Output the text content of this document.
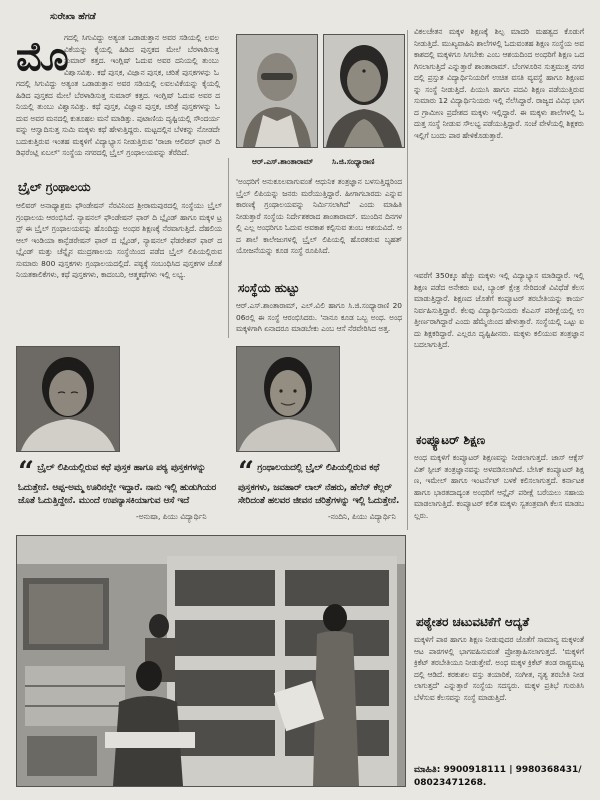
ಸುರೇಖಾ ಹೆಗಡೆ
ಮೊ
ಗದಲ್ಲಿ ಸಿಗುವಿದ್ದು ಅತ್ಯಂತ ಒಡಾಡುತ್ತಾನ ಅವರ ಸಡಿಯಲ್ಲಿ ಲವಲವಿಕೆಯನ್ನು ಕೈಯಲ್ಲಿ ಹಿಡಿದ ಪುಸ್ತಕದ ಮೇಲೆ ಬೆರಳಾಡಿಸುತ್ತ ಸುಮಾರ್ ಕತ್ತದ. ಇಂಗ್ಲಿಷ್ ಓದುವ ಅವರ ದನಿಯಲ್ಲಿ ತುಂಬು ವಿಶ್ವಾಸವಿತ್ತು. ಕಥೆ ಪುಸ್ತಕ, ವಿಜ್ಞಾನ ಪುಸ್ತಕ, ಚರಿತ್ರೆ ಪುಸ್ತಕಗಳನ್ನು ಓ
ಗದಲ್ಲಿ ಸಿಗುವಿದ್ದು ಅತ್ಯಂತ ಒಡಾಡುತ್ತಾನ ಅವರ ಸಡಿಯಲ್ಲಿ ಲವಲವಿಕೆಯನ್ನು ಕೈಯಲ್ಲಿ ಹಿಡಿದ ಪುಸ್ತಕದ ಮೇಲೆ ಬೆರಳಾಡಿಸುತ್ತ ಸುಮಾರ್ ಕತ್ತದ. ಇಂಗ್ಲಿಷ್ ಓದುವ ಅವರ ದನಿಯಲ್ಲಿ ತುಂಬು ವಿಶ್ವಾಸವಿತ್ತು. ಕಥೆ ಪುಸ್ತಕ, ವಿಜ್ಞಾನ ಪುಸ್ತಕ, ಚರಿತ್ರೆ ಪುಸ್ತಕಗಳನ್ನು ಓದುವ ಅವರ ಮನದಲ್ಲಿ ಕುತೂಹಲ ಮನೆ ಮಾಡಿತ್ತು. ಪುಟಾಣಿಯ ದೃಷ್ಟಿಯಲ್ಲಿ ಸೌಂದರ್ಯವನ್ನು ಆಸ್ವಾದಿಸುತ್ತ ಸುಮಿ ಮಕ್ಕಳು ಕಥೆ ಹೇಳುತ್ತಿದ್ದರು. ಮಟ್ಟದಲ್ಲಿನ ಬೆಳಕನ್ನು ನೋಡದೇ ಬದುಕುತ್ತಿರುವ ಇಂತಹ ಮಕ್ಕಳಿಗೆ ವಿದ್ಯಾಭ್ಯಾಸ ನೀಡುತ್ತಿರುವ 'ರಾಜಾ ಆಲಿವರ್ ಫಾರ್ ದಿ ಡಿಫರೆಂಟ್ಲಿ ಏಬಲ್' ಸಂಸ್ಥೆಯ ನಗರದಲ್ಲಿ ಬ್ರೈಲ್ ಗ್ರಂಥಾಲಯವನ್ನು ತೆರೆದಿದೆ.
ಬ್ರೈಲ್ ಗ್ರಂಥಾಲಯ
ಆಲಿವರ್ ಅನಾಥ್ಯಾಶ್ರಮ ಫೌಂಡೇಷನ್ ನೆರವಿನಿಂದ ಶ್ರೀರಾಮಪುರದಲ್ಲಿ ಸಂಸ್ಥೆಯು ಬ್ರೈಲ್ ಗ್ರಂಥಾಲಯ ಆರಂಭಿಸಿದೆ. ನ್ಯಾಷನಲ್ ಫೌಂಡೇಷನ್ ಫಾರ್ ದಿ ಬ್ಲೈಂಡ್ ಹಾಗೂ ಮಕ್ಕಳ ಟ್ರಸ್ಟ್ ಈ ಬ್ರೈಲ್ ಗ್ರಂಥಾಲಯವನ್ನು ಹೊಂದಿದ್ದು ಅಂಧರ ಶಿಕ್ಷಣಕ್ಕೆ ನೆರವಾಗುತ್ತಿದೆ. ದೆಹಲಿಯ ಆಲ್ ಇಂಡಿಯಾ ಕಾನ್ಫೆಡರೇಷನ್ ಫಾರ್ ದ ಬ್ಲೈಂಡ್, ನ್ಯಾಷನಲ್ ಫೆಡರೇಶನ್ ಫಾರ್ ದ ಬ್ಲೈಂಡ್ ಮತ್ತು ಚೆನ್ನೈನ ಮುದ್ರಣಾಲಯ ಸಂಸ್ಥೆಯಿಂದ ಪಡೆದ ಬ್ರೈಲ್ ಲಿಪಿಯಲ್ಲಿರುವ ಸುಮಾರು 800 ಪುಸ್ತಕಗಳು ಗ್ರಂಥಾಲಯದಲ್ಲಿದೆ. ಪಠ್ಯಕ್ಕೆ ಸಂಬಂಧಿಸಿದ ಪುಸ್ತಕಗಳ ಜೊತೆ ನಿಯತಕಾಲಿಕೆಗಳು, ಕಥೆ ಪುಸ್ತಕಗಳು, ಕಾದಂಬರಿ, ಆತ್ಮಕಥೆಗಳು ಇಲ್ಲಿ ಲಭ್ಯ.
ಆರ್.ಎಸ್.ಶಾಂತಾರಾಮ್	ಸಿ.ಜಿ.ಸಂಧ್ಯಾರಾಣಿ
'ಅಂಧರಿಗೆ ಅನುಕೂಲವಾಗುವಂತೆ ಆಧುನಿಕ ತಂತ್ರಜ್ಞಾನ ಬಳಸುತ್ತಿದ್ದರಿಂದ ಬ್ರೈಲ್ ಲಿಪಿಯನ್ನು ಜನರು ಮರೆಯುತ್ತಿದ್ದಾರೆ. ಹೀಗಾಗಬಾರದು ಎನ್ನುವ ಕಾರಣಕ್ಕೆ ಗ್ರಂಥಾಲಯವನ್ನು ನಿರ್ಮಿಸಲಾಗಿದೆ' ಎಂದು ಮಾಹಿತಿ ನೀಡುತ್ತಾರೆ ಸಂಸ್ಥೆಯ ನಿರ್ದೇಶಕರಾದ ಶಾಂತಾರಾಮ್. ಮುಂದಿನ ದಿನಗಳಲ್ಲಿ ಎಲ್ಲ ಅಂಧರಿಗೂ ಓದುವ ಅವಕಾಶ ಕಲ್ಪಿಸುವ ತುಂಬ ಆಶಯವಿದೆ. ಅದ ಶಾಲೆ ಕಾಲೇಜುಗಳಲ್ಲಿ ಬ್ರೈಲ್ ಲಿಪಿಯಲ್ಲಿ ಹೊರತರುವ ಬೃಹತ್ ಯೋಜನೆಯನ್ನು ಕೂಡ ಸಂಸ್ಥೆ ರೂಪಿಸಿದೆ.
ಸಂಸ್ಥೆಯ ಹುಟ್ಟು
ಆರ್.ಎಸ್.ಶಾಂತಾರಾಮ್, ಎಲ್.ವಿಲಿ ಹಾಗೂ ಸಿ.ಜಿ.ಸಂಧ್ಯಾರಾಣಿ 2006ರಲ್ಲಿ ಈ ಸಂಸ್ಥೆ ಆರಂಭಿಸಿದರು. 'ನಾನೂ ಕೂಡ ಒಬ್ಬ ಅಂಧ. ಅಂಧ ಮಕ್ಕಳಿಗಾಗಿ ಏನಾದರೂ ಮಾಡಬೇಕು ಎಂಬ ಆಸೆ ನೆರವೇರಿಸಿದ ಅತ್ತ.
“ ಬ್ರೈಲ್ ಲಿಪಿಯಲ್ಲಿರುವ ಕಥೆ ಪುಸ್ತಕ ಹಾಗೂ ಪಠ್ಯ ಪುಸ್ತಕಗಳನ್ನು ಓದುತ್ತೇನೆ. ಅಪ್ಪ-ಅಮ್ಮ ಊರಿನಲ್ಲೇ ಇದ್ದಾರೆ. ನಾನು ಇಲ್ಲಿ ಹುಡುಗಿಯರ ಜೊತೆ ಓದುತ್ತಿದ್ದೇನೆ. ಮುಂದೆ ಉಪನ್ಯಾಸಕಿಯಾಗುವ ಆಸೆ ಇದೆ
-ಅನುಷಾ, ಪಿಯು ವಿದ್ಯಾರ್ಥಿನಿ
“ ಗ್ರಂಥಾಲಯದಲ್ಲಿ ಬ್ರೈಲ್ ಲಿಪಿಯಲ್ಲಿರುವ ಕಥೆ ಪುಸ್ತಕಗಳು, ಜವಹಾರ್ ಲಾಲ್ ನೆಹರು, ಹೆಲೆನ್ ಕೆಲ್ಲರ್ ಸೇರಿದಂತೆ ಹಲವರ ಜೀವನ ಚರಿತ್ರೆಗಳನ್ನು ಇಲ್ಲಿ ಓದುತ್ತೇನೆ.
-ನಂದಿನಿ, ಪಿಯು ವಿದ್ಯಾರ್ಥಿನಿ
ವಿಕಲಚೇತನ ಮಕ್ಕಳ ಶಿಕ್ಷಣಕ್ಕೆ ಶಿಲ್ಪ ಮಾದರಿ ಮಹತ್ವದ ಕೊಡುಗೆ ನೀಡುತ್ತಿದೆ. ಮುಖ್ಯವಾಹಿನಿ ಶಾಲೆಗಳಲ್ಲಿ ಓದುವಂತಹ ಶಿಕ್ಷಣ ಸಂಸ್ಥೆಯ ಅವಕಾಶದಲ್ಲಿ ಮಕ್ಕಳಿಗೂ ಸಿಗಬೇಕು ಎಂಬ ಆಶಯದಿಂದ ಅಂಧರಿಗೆ ಶಿಕ್ಷಣ ಒದಗಿಸಲಾಗುತ್ತಿದೆ ಎನ್ನುತ್ತಾರೆ ಶಾಂತಾರಾಮ್. ಬೆಂಗಳೂರಿನ ಸುತ್ತಮುತ್ತ ನಗರದಲ್ಲಿ ಪ್ರಸ್ತುತ ವಿದ್ಯಾರ್ಥಿನಿಯರಿಗೆ ಉಚಿತ ವಸತಿ ವ್ಯವಸ್ಥೆ ಹಾಗೂ ಶಿಕ್ಷಣವನ್ನು ಸಂಸ್ಥೆ ನೀಡುತ್ತಿದೆ. ಪಿಯುಸಿ ಹಾಗೂ ಪದವಿ ಶಿಕ್ಷಣ ಪಡೆಯುತ್ತಿರುವ ಸುಮಾರು 12 ವಿದ್ಯಾರ್ಥಿನಿಯರು ಇಲ್ಲಿ ನೆಲೆಸಿದ್ದಾರೆ. ರಾಜ್ಯದ ವಿವಿಧ ಭಾಗದ ಗ್ರಾಮೀಣ ಪ್ರದೇಶದ ಮಕ್ಕಳು ಇಲ್ಲಿದ್ದಾರೆ. ಈ ಮಕ್ಕಳು ಶಾಲೆಗಳಲ್ಲಿ ಓದುತ್ತ ಸಂಸ್ಥೆ ನೀಡುವ ಸೌಲಭ್ಯ ಪಡೆಯುತ್ತಿದ್ದಾರೆ. ಸಂಜೆ ವೇಳೆಯಲ್ಲಿ ಶಿಕ್ಷಕರು ಇಲ್ಲಿಗೆ ಬಂದು ಪಾಠ ಹೇಳಿಕೊಡುತ್ತಾರೆ.
ಇವರೆಗೆ 350ಕ್ಕೂ ಹೆಚ್ಚು ಮಕ್ಕಳು ಇಲ್ಲಿ ವಿದ್ಯಾಭ್ಯಾಸ ಮಾಡಿದ್ದಾರೆ. ಇಲ್ಲಿ ಶಿಕ್ಷಣ ಪಡೆದ ಅನೇಕರು ಐಟಿ, ಬ್ಯಾಂಕ್ ಕ್ಷೇತ್ರ ಸೇರಿದಂತೆ ವಿವಿಧೆಡೆ ಕೆಲಸ ಮಾಡುತ್ತಿದ್ದಾರೆ. ಶಿಕ್ಷಣದ ಜೊತೆಗೆ ಕಂಪ್ಯೂಟರ್ ತರಬೇತಿಯನ್ನು ಕಾರ್ಯನಿರ್ವಹಿಸುತ್ತಿದ್ದಾರೆ. ಕೆಲವು ವಿದ್ಯಾರ್ಥಿನಿಯರು ಕೆಎಎಸ್ ಪರೀಕ್ಷೆಯಲ್ಲಿ ಉತ್ತೀರ್ಣರಾಗಿದ್ದಾರೆ ಎಂದು ಹೆಮ್ಮೆಯಿಂದ ಹೇಳುತ್ತಾರೆ. ಸಂಸ್ಥೆಯಲ್ಲಿ ಒಟ್ಟು ಐದು ಶಿಕ್ಷಕರಿದ್ದಾರೆ. ಎಲ್ಲರೂ ದೃಷ್ಟಿಹೀನರು. ಮಕ್ಕಳು ಕಲಿಯುವ ತಂತ್ರಜ್ಞಾನ ಬದಲಾಗುತ್ತಿದೆ.
ಕಂಪ್ಯೂಟರ್ ಶಿಕ್ಷಣ
ಅಂಧ ಮಕ್ಕಳಿಗೆ ಕಂಪ್ಯೂಟರ್ ಶಿಕ್ಷಣವನ್ನು ನೀಡಲಾಗುತ್ತದೆ. ಜಾಸ್ ಆಕ್ಸೆಸ್ ವಿತ್ ಸ್ಪೀಚ್ ತಂತ್ರಜ್ಞಾನವನ್ನು ಅಳವಡಿಸಲಾಗಿದೆ. ಬೇಸಿಕ್ ಕಂಪ್ಯೂಟರ್ ಶಿಕ್ಷಣ, ಇಮೇಲ್ ಹಾಗೂ ಇಂಟರ್ನೆಟ್ ಬಳಕೆ ಕಲಿಸಲಾಗುತ್ತದೆ. ಕರ್ನಾಟಕ ಹಾಗೂ ಭಾರತದಾದ್ಯಂತ ಅಂಧರಿಗೆ ಆನ್ಲೈನ್ ಪರೀಕ್ಷೆ ಬರೆಯಲು ಸಹಾಯ ಮಾಡಲಾಗುತ್ತಿದೆ. ಕಂಪ್ಯೂಟರ್ ಕಲಿತ ಮಕ್ಕಳು ಸ್ವತಂತ್ರವಾಗಿ ಕೆಲಸ ಮಾಡಬಲ್ಲರು.
ಪಠ್ಯೇತರ ಚಟುವಟಿಕೆಗೆ ಆದ್ಯತೆ
ಮಕ್ಕಳಿಗೆ ಪಾಠ ಹಾಗೂ ಶಿಕ್ಷಣ ನೀಡುವುದರ ಜೊತೆಗೆ ಸಾಮಾನ್ಯ ಮಕ್ಕಳಂತೆ ಆಟ ಪಾಠಗಳಲ್ಲಿ ಭಾಗವಹಿಸುವಂತೆ ಪ್ರೋತ್ಸಾಹಿಸಲಾಗುತ್ತದೆ. 'ಮಕ್ಕಳಿಗೆ ಕ್ರಿಕೆಟ್ ತರಬೇತಿಯೂ ನೀಡುತ್ತೇವೆ. ಅಂಧ ಮಕ್ಕಳ ಕ್ರಿಕೆಟ್ ತಂಡ ರಾಷ್ಟ್ರಮಟ್ಟದಲ್ಲಿ ಆಡಿದೆ. ಕರಕುಶಲ ವಸ್ತು ತಯಾರಿಕೆ, ಸಂಗೀತ, ನೃತ್ಯ ತರಬೇತಿ ನೀಡಲಾಗುತ್ತದೆ' ಎನ್ನುತ್ತಾರೆ ಸಂಸ್ಥೆಯ ಸದಸ್ಯರು. ಮಕ್ಕಳ ಪ್ರತಿಭೆ ಗುರುತಿಸಿ ಬೆಳೆಸುವ ಕೆಲಸವನ್ನು ಸಂಸ್ಥೆ ಮಾಡುತ್ತಿದೆ.
ಮಾಹಿತಿ: 9900918111 | 9980368431/
08023471268.
